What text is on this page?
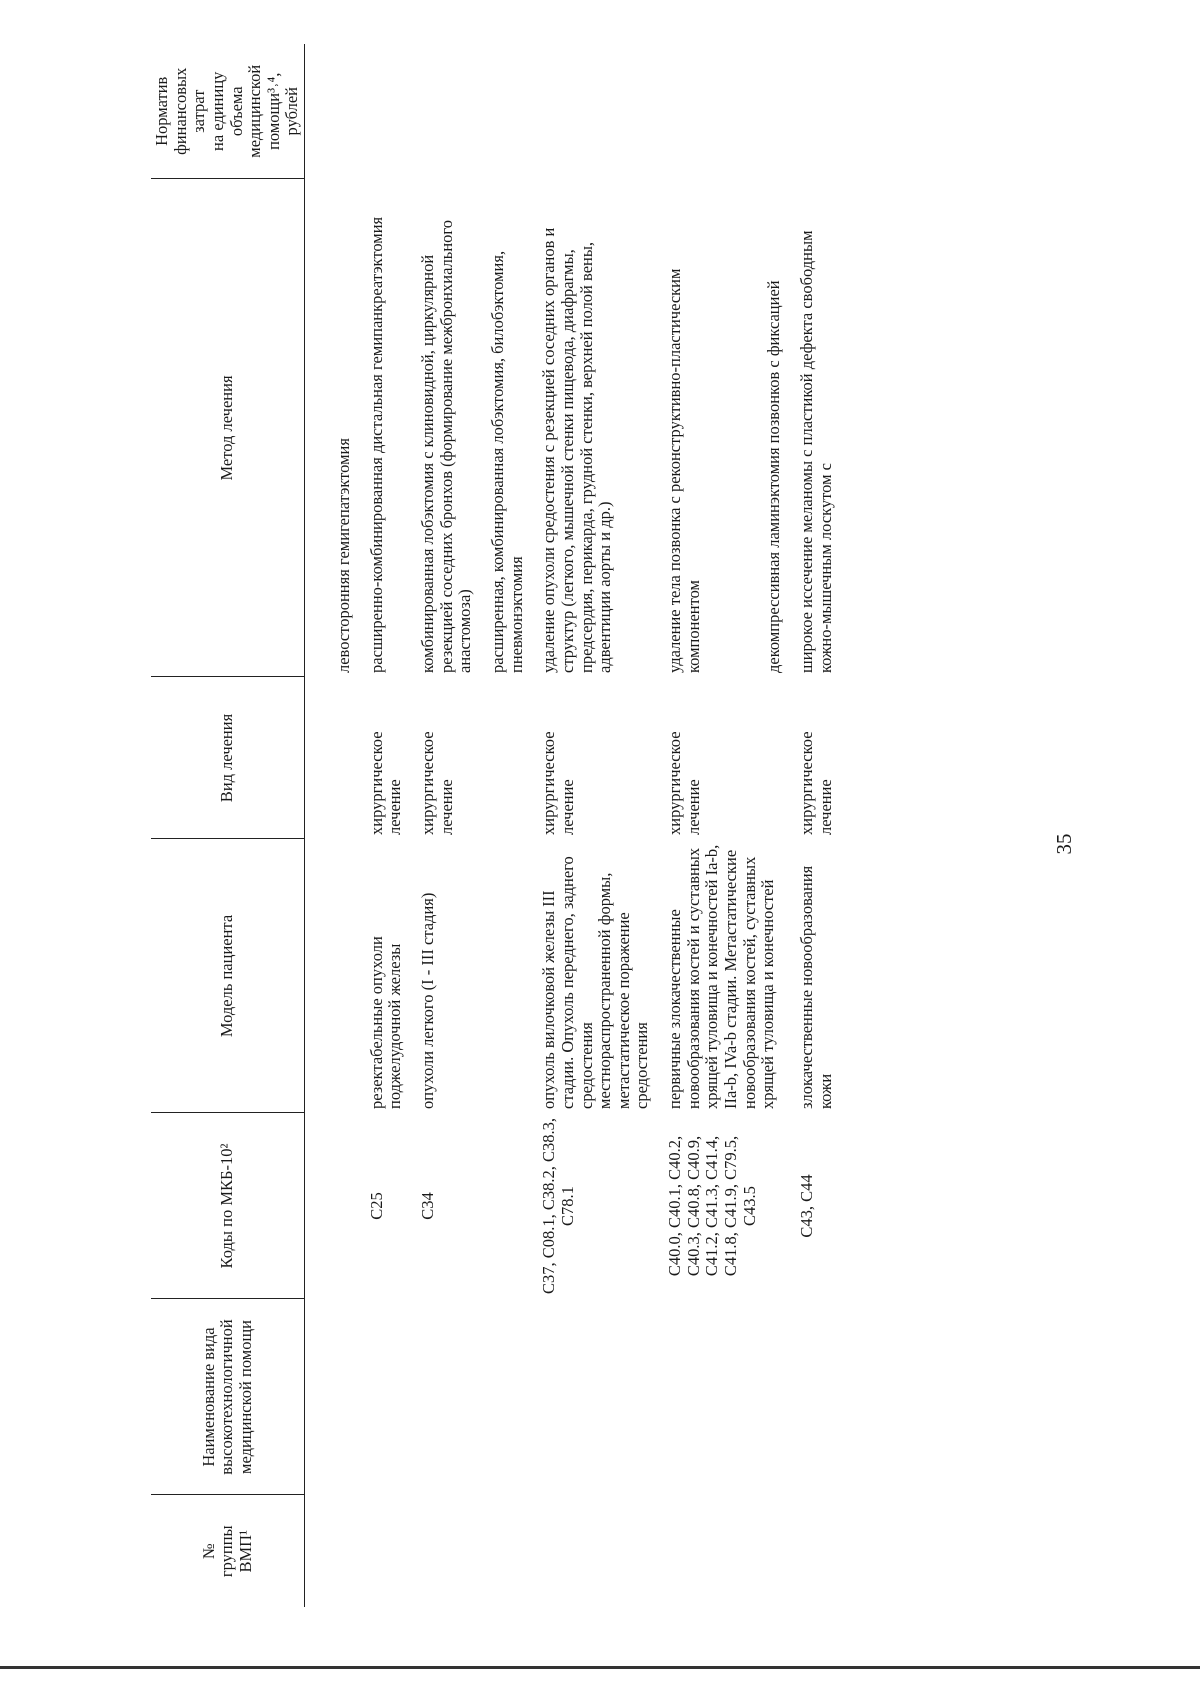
№ группы ВМП¹	Наименование вида высокотехнологичной медицинской помощи	Коды по МКБ-10²	Модель пациента	Вид лечения	Метод лечения	Норматив финансовых затрат на единицу объема медицинской помощи³˒⁴, рублей

					левосторонняя гемигепатэктомия	

		C25	резектабельные опухоли поджелудочной железы	хирургическое лечение	расширенно-комбинированная дистальная гемипанкреатэктомия	

		C34	опухоли легкого (I - III стадия)	хирургическое лечение	комбинированная лобэктомия с клиновидной, циркулярной резекцией соседних бронхов (формирование межбронхиального анастомоза) расширенная, комбинированная лобэктомия, билобэктомия, пневмонэктомия	

		C37, C08.1, C38.2, C38.3, C78.1	опухоль вилочковой железы III стадии. Опухоль переднего, заднего средостения местнораспространенной формы, метастатическое поражение средостения	хирургическое лечение	удаление опухоли средостения с резекцией соседних органов и структур (легкого, мышечной стенки пищевода, диафрагмы, предсердия, перикарда, грудной стенки, верхней полой вены, адвентиции аорты и др.)	

		C40.0, C40.1, C40.2, C40.3, C40.8, C40.9, C41.2, C41.3, C41.4, C41.8, C41.9, C79.5, C43.5	первичные злокачественные новообразования костей и суставных хрящей туловища и конечностей Ia-b, IIa-b, IVa-b стадии. Метастатические новообразования костей, суставных хрящей туловища и конечностей	хирургическое лечение	удаление тела позвонка с реконструктивно-пластическим компонентом декомпрессивная ламинэктомия позвонков с фиксацией	

		C43, C44	злокачественные новообразования кожи	хирургическое лечение	широкое иссечение меланомы с пластикой дефекта свободным кожно-мышечным лоскутом с	

35
